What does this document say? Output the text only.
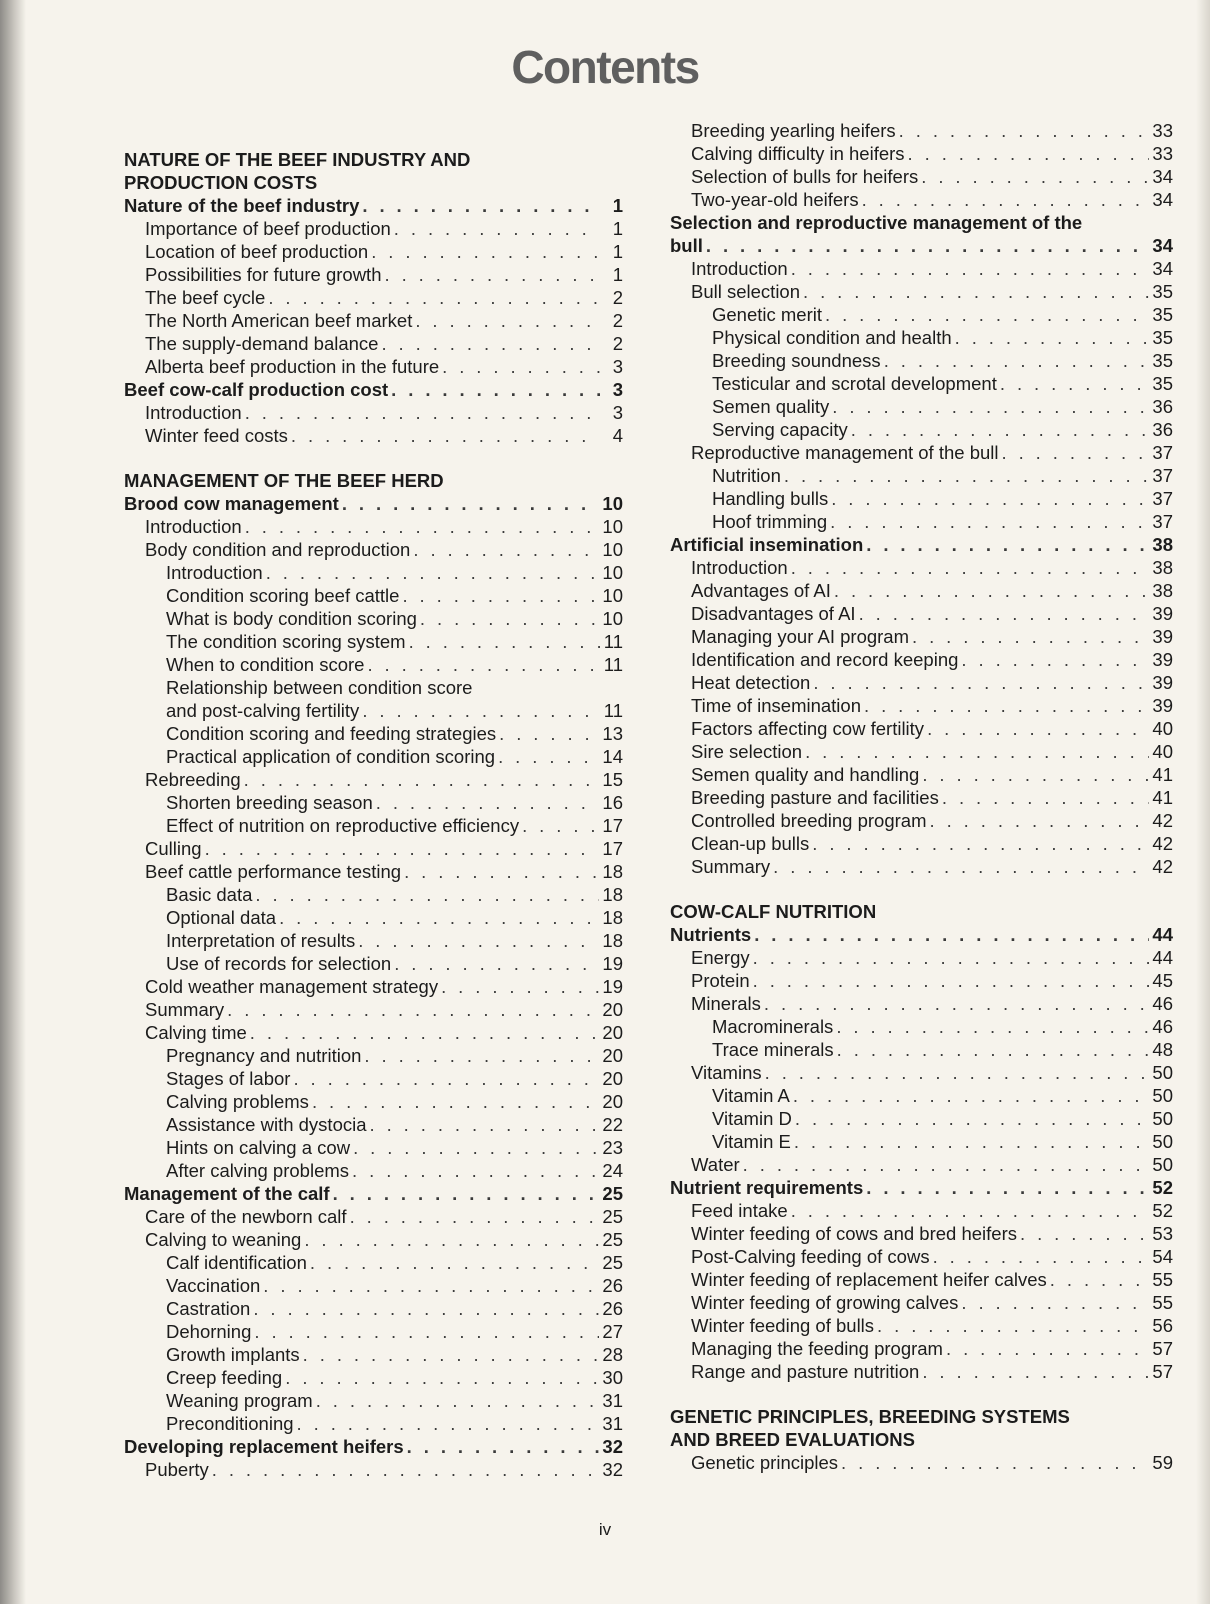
Contents
NATURE OF THE BEEF INDUSTRY AND
PRODUCTION COSTS
Nature of the beef industry . . .	1
Importance of beef production . . .	1
Location of beef production . . .	1
Possibilities for future growth . . .	1
The beef cycle . . .	2
The North American beef market . . .	2
The supply-demand balance . . .	2
Alberta beef production in the future . . .	3
Beef cow-calf production cost . . .	3
Introduction . . .	3
Winter feed costs . . .	4
MANAGEMENT OF THE BEEF HERD
Brood cow management . . .	10
Introduction . . .	10
Body condition and reproduction . . .	10
Introduction . . .	10
Condition scoring beef cattle . . .	10
What is body condition scoring . . .	10
The condition scoring system . . .	11
When to condition score . . .	11
Relationship between condition score
and post-calving fertility . . .	11
Condition scoring and feeding strategies . . .	13
Practical application of condition scoring . . .	14
Rebreeding . . .	15
Shorten breeding season . . .	16
Effect of nutrition on reproductive efficiency . . .	17
Culling . . .	17
Beef cattle performance testing . . .	18
Basic data . . .	18
Optional data . . .	18
Interpretation of results . . .	18
Use of records for selection . . .	19
Cold weather management strategy . . .	19
Summary . . .	20
Calving time . . .	20
Pregnancy and nutrition . . .	20
Stages of labor . . .	20
Calving problems . . .	20
Assistance with dystocia . . .	22
Hints on calving a cow . . .	23
After calving problems . . .	24
Management of the calf . . .	25
Care of the newborn calf . . .	25
Calving to weaning . . .	25
Calf identification . . .	25
Vaccination . . .	26
Castration . . .	26
Dehorning . . .	27
Growth implants . . .	28
Creep feeding . . .	30
Weaning program . . .	31
Preconditioning . . .	31
Developing replacement heifers . . .	32
Puberty . . .	32
Breeding yearling heifers . . .	33
Calving difficulty in heifers . . .	33
Selection of bulls for heifers . . .	34
Two-year-old heifers . . .	34
Selection and reproductive management of the
bull . . .	34
Introduction . . .	34
Bull selection . . .	35
Genetic merit . . .	35
Physical condition and health . . .	35
Breeding soundness . . .	35
Testicular and scrotal development . . .	35
Semen quality . . .	36
Serving capacity . . .	36
Reproductive management of the bull . . .	37
Nutrition . . .	37
Handling bulls . . .	37
Hoof trimming . . .	37
Artificial insemination . . .	38
Introduction . . .	38
Advantages of AI . . .	38
Disadvantages of AI . . .	39
Managing your AI program . . .	39
Identification and record keeping . . .	39
Heat detection . . .	39
Time of insemination . . .	39
Factors affecting cow fertility . . .	40
Sire selection . . .	40
Semen quality and handling . . .	41
Breeding pasture and facilities . . .	41
Controlled breeding program . . .	42
Clean-up bulls . . .	42
Summary . . .	42
COW-CALF NUTRITION
Nutrients . . .	44
Energy . . .	44
Protein . . .	45
Minerals . . .	46
Macrominerals . . .	46
Trace minerals . . .	48
Vitamins . . .	50
Vitamin A . . .	50
Vitamin D . . .	50
Vitamin E . . .	50
Water . . .	50
Nutrient requirements . . .	52
Feed intake . . .	52
Winter feeding of cows and bred heifers . . .	53
Post-Calving feeding of cows . . .	54
Winter feeding of replacement heifer calves . . .	55
Winter feeding of growing calves . . .	55
Winter feeding of bulls . . .	56
Managing the feeding program . . .	57
Range and pasture nutrition . . .	57
GENETIC PRINCIPLES, BREEDING SYSTEMS
AND BREED EVALUATIONS
Genetic principles . . .	59
iv
